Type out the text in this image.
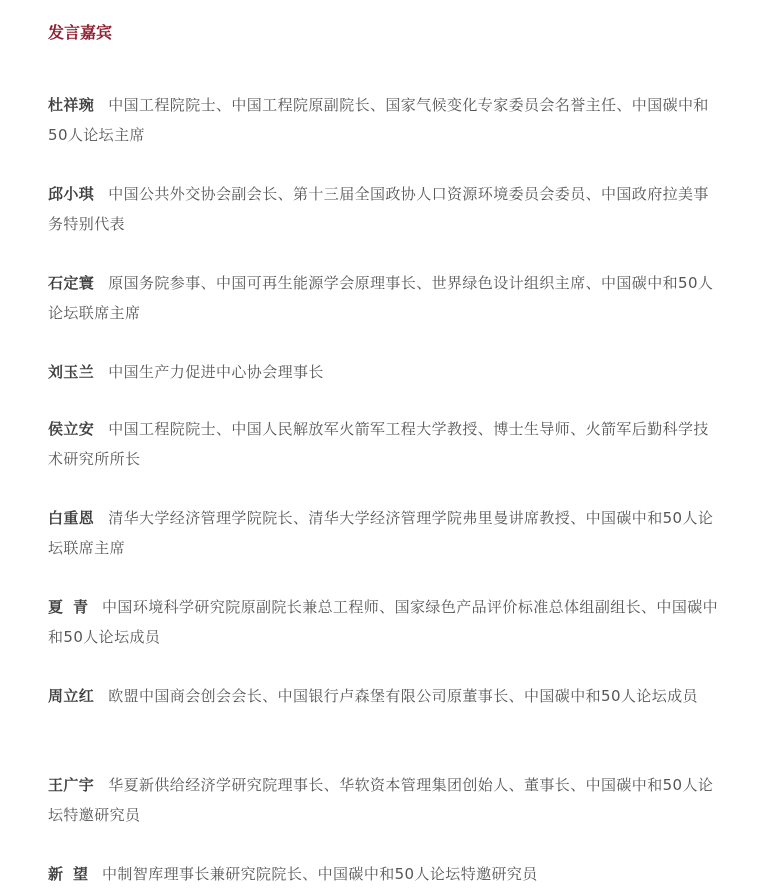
发言嘉宾
杜祥琬 中国工程院院士、中国工程院原副院长、国家气候变化专家委员会名誉主任、中国碳中和50人论坛主席
邱小琪 中国公共外交协会副会长、第十三届全国政协人口资源环境委员会委员、中国政府拉美事务特别代表
石定寰 原国务院参事、中国可再生能源学会原理事长、世界绿色设计组织主席、中国碳中和50人论坛联席主席
刘玉兰 中国生产力促进中心协会理事长
侯立安 中国工程院院士、中国人民解放军火箭军工程大学教授、博士生导师、火箭军后勤科学技术研究所所长
白重恩 清华大学经济管理学院院长、清华大学经济管理学院弗里曼讲席教授、中国碳中和50人论坛联席主席
夏青 中国环境科学研究院原副院长兼总工程师、国家绿色产品评价标准总体组副组长、中国碳中和50人论坛成员
周立红 欧盟中国商会创会会长、中国银行卢森堡有限公司原董事长、中国碳中和50人论坛成员
王广宇 华夏新供给经济学研究院理事长、华软资本管理集团创始人、董事长、中国碳中和50人论坛特邀研究员
新望 中制智库理事长兼研究院院长、中国碳中和50人论坛特邀研究员
